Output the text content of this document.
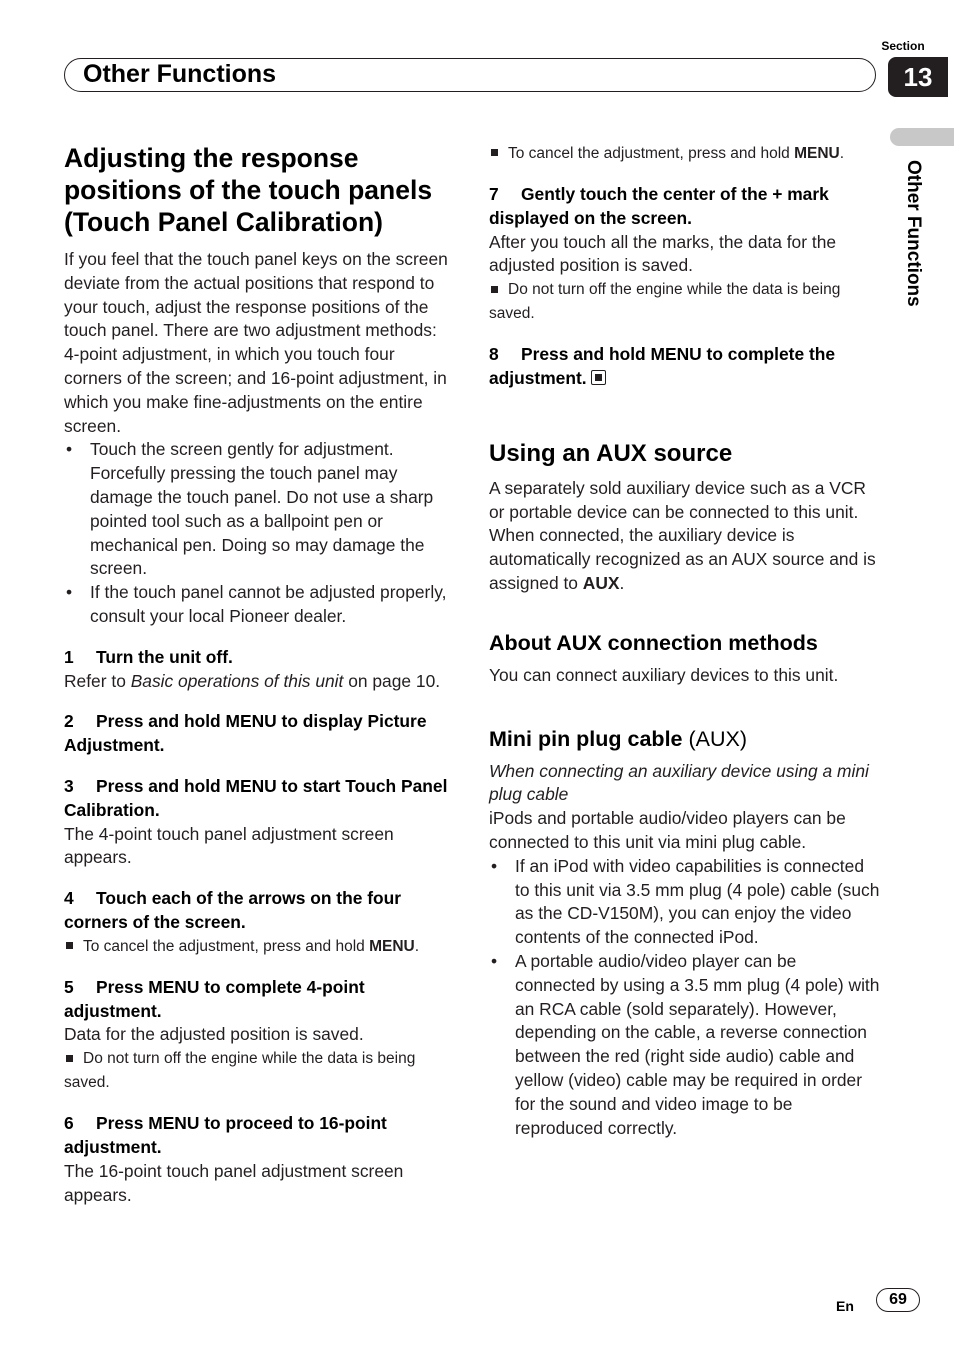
Section
13
Other Functions
Other Functions
Adjusting the response positions of the touch panels (Touch Panel Calibration)

If you feel that the touch panel keys on the screen deviate from the actual positions that respond to your touch, adjust the response positions of the touch panel. There are two adjustment methods: 4-point adjustment, in which you touch four corners of the screen; and 16-point adjustment, in which you make fine-adjustments on the entire screen.

• Touch the screen gently for adjustment. Forcefully pressing the touch panel may damage the touch panel. Do not use a sharp pointed tool such as a ballpoint pen or mechanical pen. Doing so may damage the screen.
• If the touch panel cannot be adjusted properly, consult your local Pioneer dealer.

1 Turn the unit off.

Refer to Basic operations of this unit on page 10.

2 Press and hold MENU to display Picture Adjustment.

3 Press and hold MENU to start Touch Panel Calibration.

The 4-point touch panel adjustment screen appears.

4 Touch each of the arrows on the four corners of the screen.

To cancel the adjustment, press and hold MENU.

5 Press MENU to complete 4-point adjustment.

Data for the adjusted position is saved.

Do not turn off the engine while the data is being saved.

6 Press MENU to proceed to 16-point adjustment.

The 16-point touch panel adjustment screen appears.

To cancel the adjustment, press and hold MENU.

7 Gently touch the center of the + mark displayed on the screen.

After you touch all the marks, the data for the adjusted position is saved.

Do not turn off the engine while the data is being saved.

8 Press and hold MENU to complete the adjustment.

Using an AUX source

A separately sold auxiliary device such as a VCR or portable device can be connected to this unit. When connected, the auxiliary device is automatically recognized as an AUX source and is assigned to AUX.

About AUX connection methods

You can connect auxiliary devices to this unit.

Mini pin plug cable (AUX)

When connecting an auxiliary device using a mini plug cable

iPods and portable audio/video players can be connected to this unit via mini plug cable.

• If an iPod with video capabilities is connected to this unit via 3.5 mm plug (4 pole) cable (such as the CD-V150M), you can enjoy the video contents of the connected iPod.
• A portable audio/video player can be connected by using a 3.5 mm plug (4 pole) with an RCA cable (sold separately). However, depending on the cable, a reverse connection between the red (right side audio) cable and yellow (video) cable may be required in order for the sound and video image to be reproduced correctly.
En	69
